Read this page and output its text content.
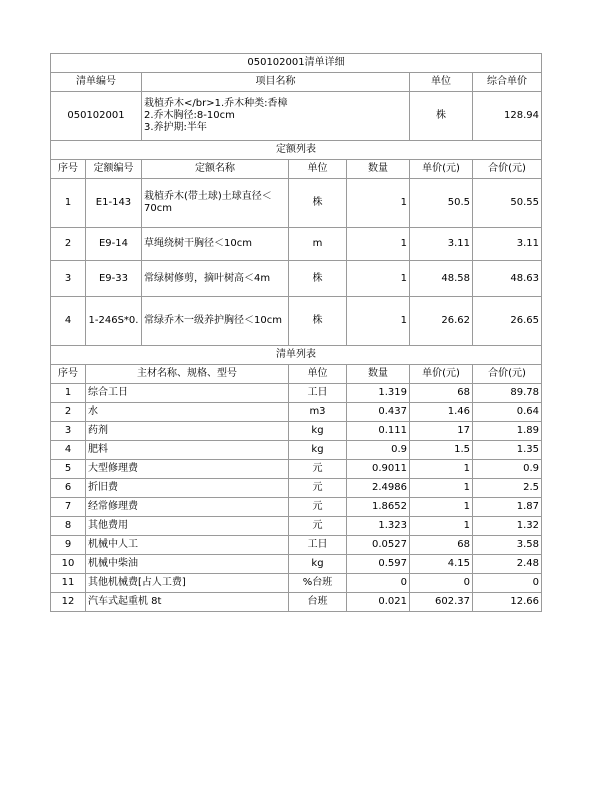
050102001清单详细						
清单编号		项目名称			单位	综合单价
050102001		栽植乔木</br>1.乔木种类:香樟
2.乔木胸径:8-10cm
3.养护期:半年			株	128.94
定额列表						
序号	定额编号	定额名称	单位	数量	单价(元)	合价(元)
1	E1-143	栽植乔木(带土球)土球直径＜70cm	株	1	50.5	50.55
2	E9-14	草绳绕树干胸径＜10cm	m	1	3.11	3.11
3	E9-33	常绿树修剪，摘叶树高＜4m	株	1	48.58	48.63
4	1-246S*0.	常绿乔木一级养护胸径＜10cm	株	1	26.62	26.65
清单列表						
序号	主材名称、规格、型号		单位	数量	单价(元)	合价(元)
1	综合工日		工日	1.319	68	89.78
2	水		m3	0.437	1.46	0.64
3	药剂		kg	0.111	17	1.89
4	肥料		kg	0.9	1.5	1.35
5	大型修理费		元	0.9011	1	0.9
6	折旧费		元	2.4986	1	2.5
7	经常修理费		元	1.8652	1	1.87
8	其他费用		元	1.323	1	1.32
9	机械中人工		工日	0.0527	68	3.58
10	机械中柴油		kg	0.597	4.15	2.48
11	其他机械费[占人工费]		%台班	0	0	0
12	汽车式起重机 8t		台班	0.021	602.37	12.66
